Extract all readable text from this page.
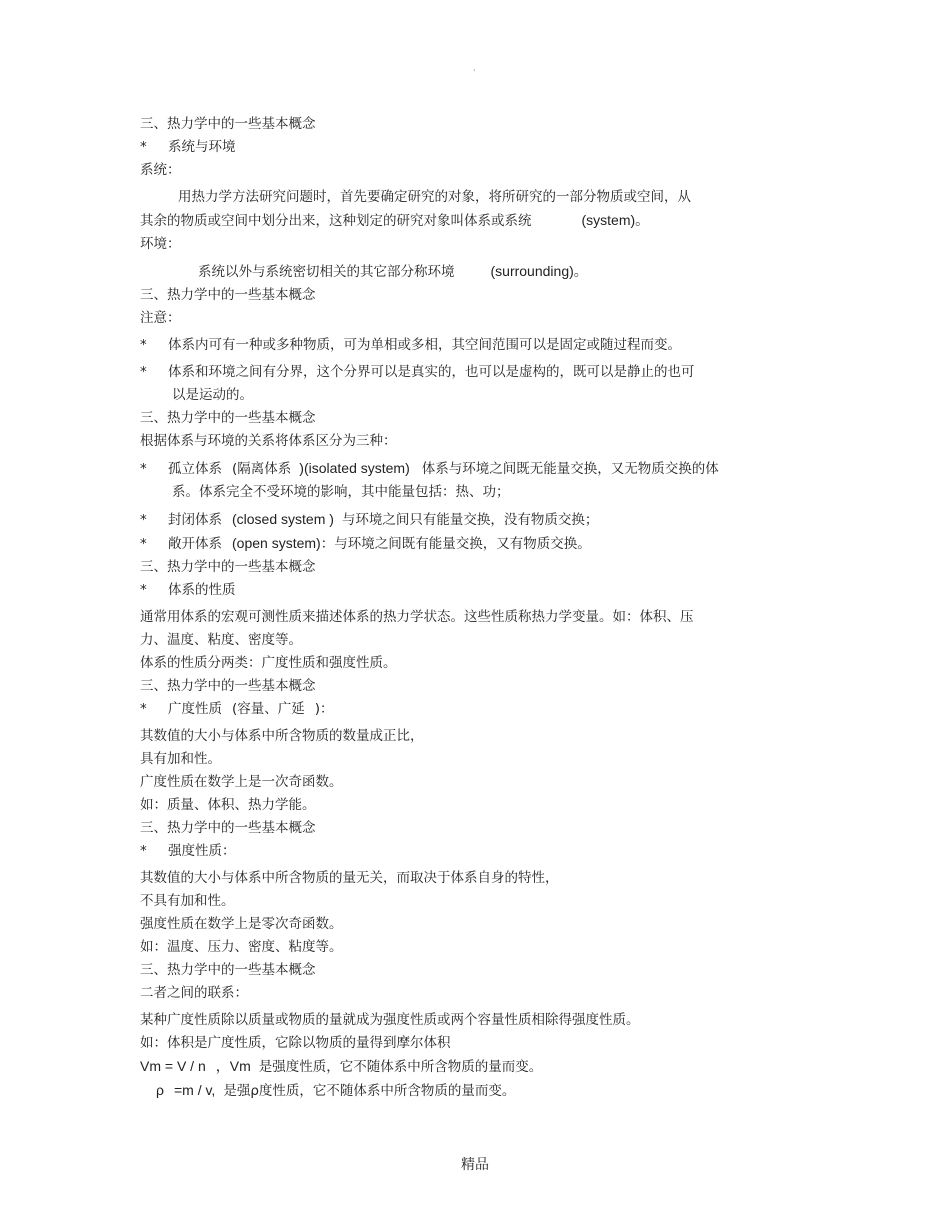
·
三、热力学中的一些基本概念
* 系统与环境
系统：
用热力学方法研究问题时，首先要确定研究的对象，将所研究的一部分物质或空间，从
其余的物质或空间中划分出来，这种划定的研究对象叫体系或系统	(system)。
环境：
系统以外与系统密切相关的其它部分称环境	(surrounding)。
三、热力学中的一些基本概念
注意：
* 体系内可有一种或多种物质，可为单相或多相，其空间范围可以是固定或随过程而变。
* 体系和环境之间有分界，这个分界可以是真实的，也可以是虚构的，既可以是静止的也可
以是运动的。
三、热力学中的一些基本概念
根据体系与环境的关系将体系区分为三种：
* 孤立体系 (隔离体系 )(isolated system) 体系与环境之间既无能量交换，又无物质交换的体
系。体系完全不受环境的影响，其中能量包括：热、功；
* 封闭体系 (closed system ) 与环境之间只有能量交换，没有物质交换；
* 敞开体系 (open system)：与环境之间既有能量交换，又有物质交换。
三、热力学中的一些基本概念
* 体系的性质
通常用体系的宏观可测性质来描述体系的热力学状态。这些性质称热力学变量。如：体积、压
力、温度、粘度、密度等。
体系的性质分两类：广度性质和强度性质。
三、热力学中的一些基本概念
* 广度性质 (容量、广延 )：
其数值的大小与体系中所含物质的数量成正比，
具有加和性。
广度性质在数学上是一次奇函数。
如：质量、体积、热力学能。
三、热力学中的一些基本概念
* 强度性质：
其数值的大小与体系中所含物质的量无关，而取决于体系自身的特性，
不具有加和性。
强度性质在数学上是零次奇函数。
如：温度、压力、密度、粘度等。
三、热力学中的一些基本概念
二者之间的联系：
某种广度性质除以质量或物质的量就成为强度性质或两个容量性质相除得强度性质。
如：体积是广度性质，它除以物质的量得到摩尔体积
Vm = V / n ，Vm 是强度性质，它不随体系中所含物质的量而变。
ρ =m / v, 是强ρ度性质，它不随体系中所含物质的量而变。
精品
